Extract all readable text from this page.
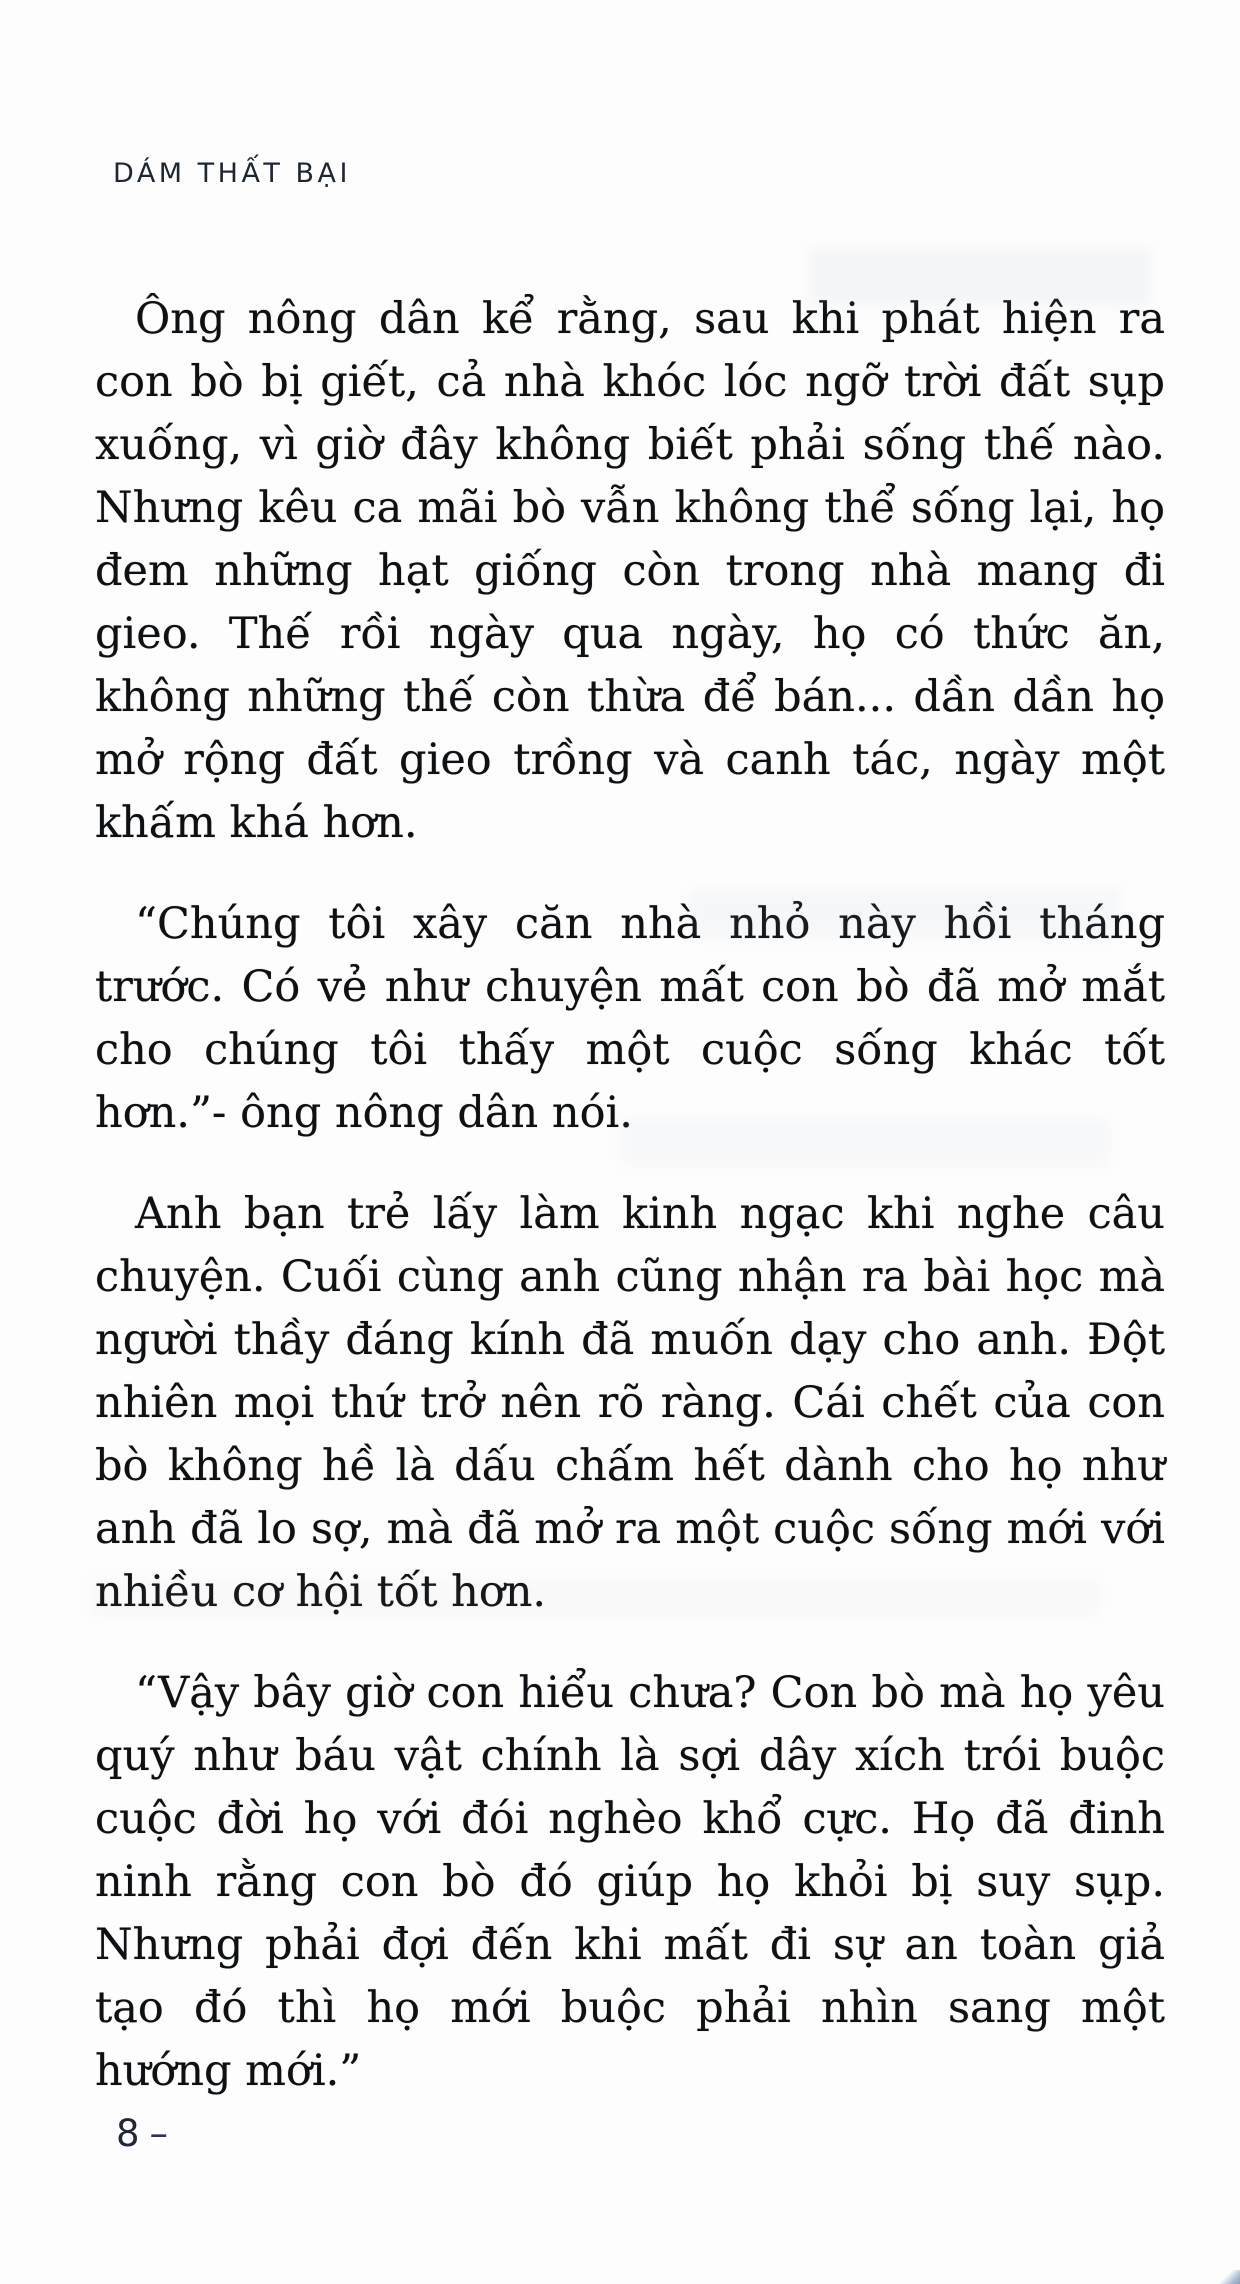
DÁM THẤT BẠI

Ông nông dân kể rằng, sau khi phát hiện ra con bò bị giết, cả nhà khóc lóc ngỡ trời đất sụp xuống, vì giờ đây không biết phải sống thế nào. Nhưng kêu ca mãi bò vẫn không thể sống lại, họ đem những hạt giống còn trong nhà mang đi gieo. Thế rồi ngày qua ngày, họ có thức ăn, không những thế còn thừa để bán... dần dần họ mở rộng đất gieo trồng và canh tác, ngày một khấm khá hơn.

“Chúng tôi xây căn nhà nhỏ này hồi tháng trước. Có vẻ như chuyện mất con bò đã mở mắt cho chúng tôi thấy một cuộc sống khác tốt hơn.”- ông nông dân nói.

Anh bạn trẻ lấy làm kinh ngạc khi nghe câu chuyện. Cuối cùng anh cũng nhận ra bài học mà người thầy đáng kính đã muốn dạy cho anh. Đột nhiên mọi thứ trở nên rõ ràng. Cái chết của con bò không hề là dấu chấm hết dành cho họ như anh đã lo sợ, mà đã mở ra một cuộc sống mới với nhiều cơ hội tốt hơn.

“Vậy bây giờ con hiểu chưa? Con bò mà họ yêu quý như báu vật chính là sợi dây xích trói buộc cuộc đời họ với đói nghèo khổ cực. Họ đã đinh ninh rằng con bò đó giúp họ khỏi bị suy sụp. Nhưng phải đợi đến khi mất đi sự an toàn giả tạo đó thì họ mới buộc phải nhìn sang một hướng mới.”

8 –
